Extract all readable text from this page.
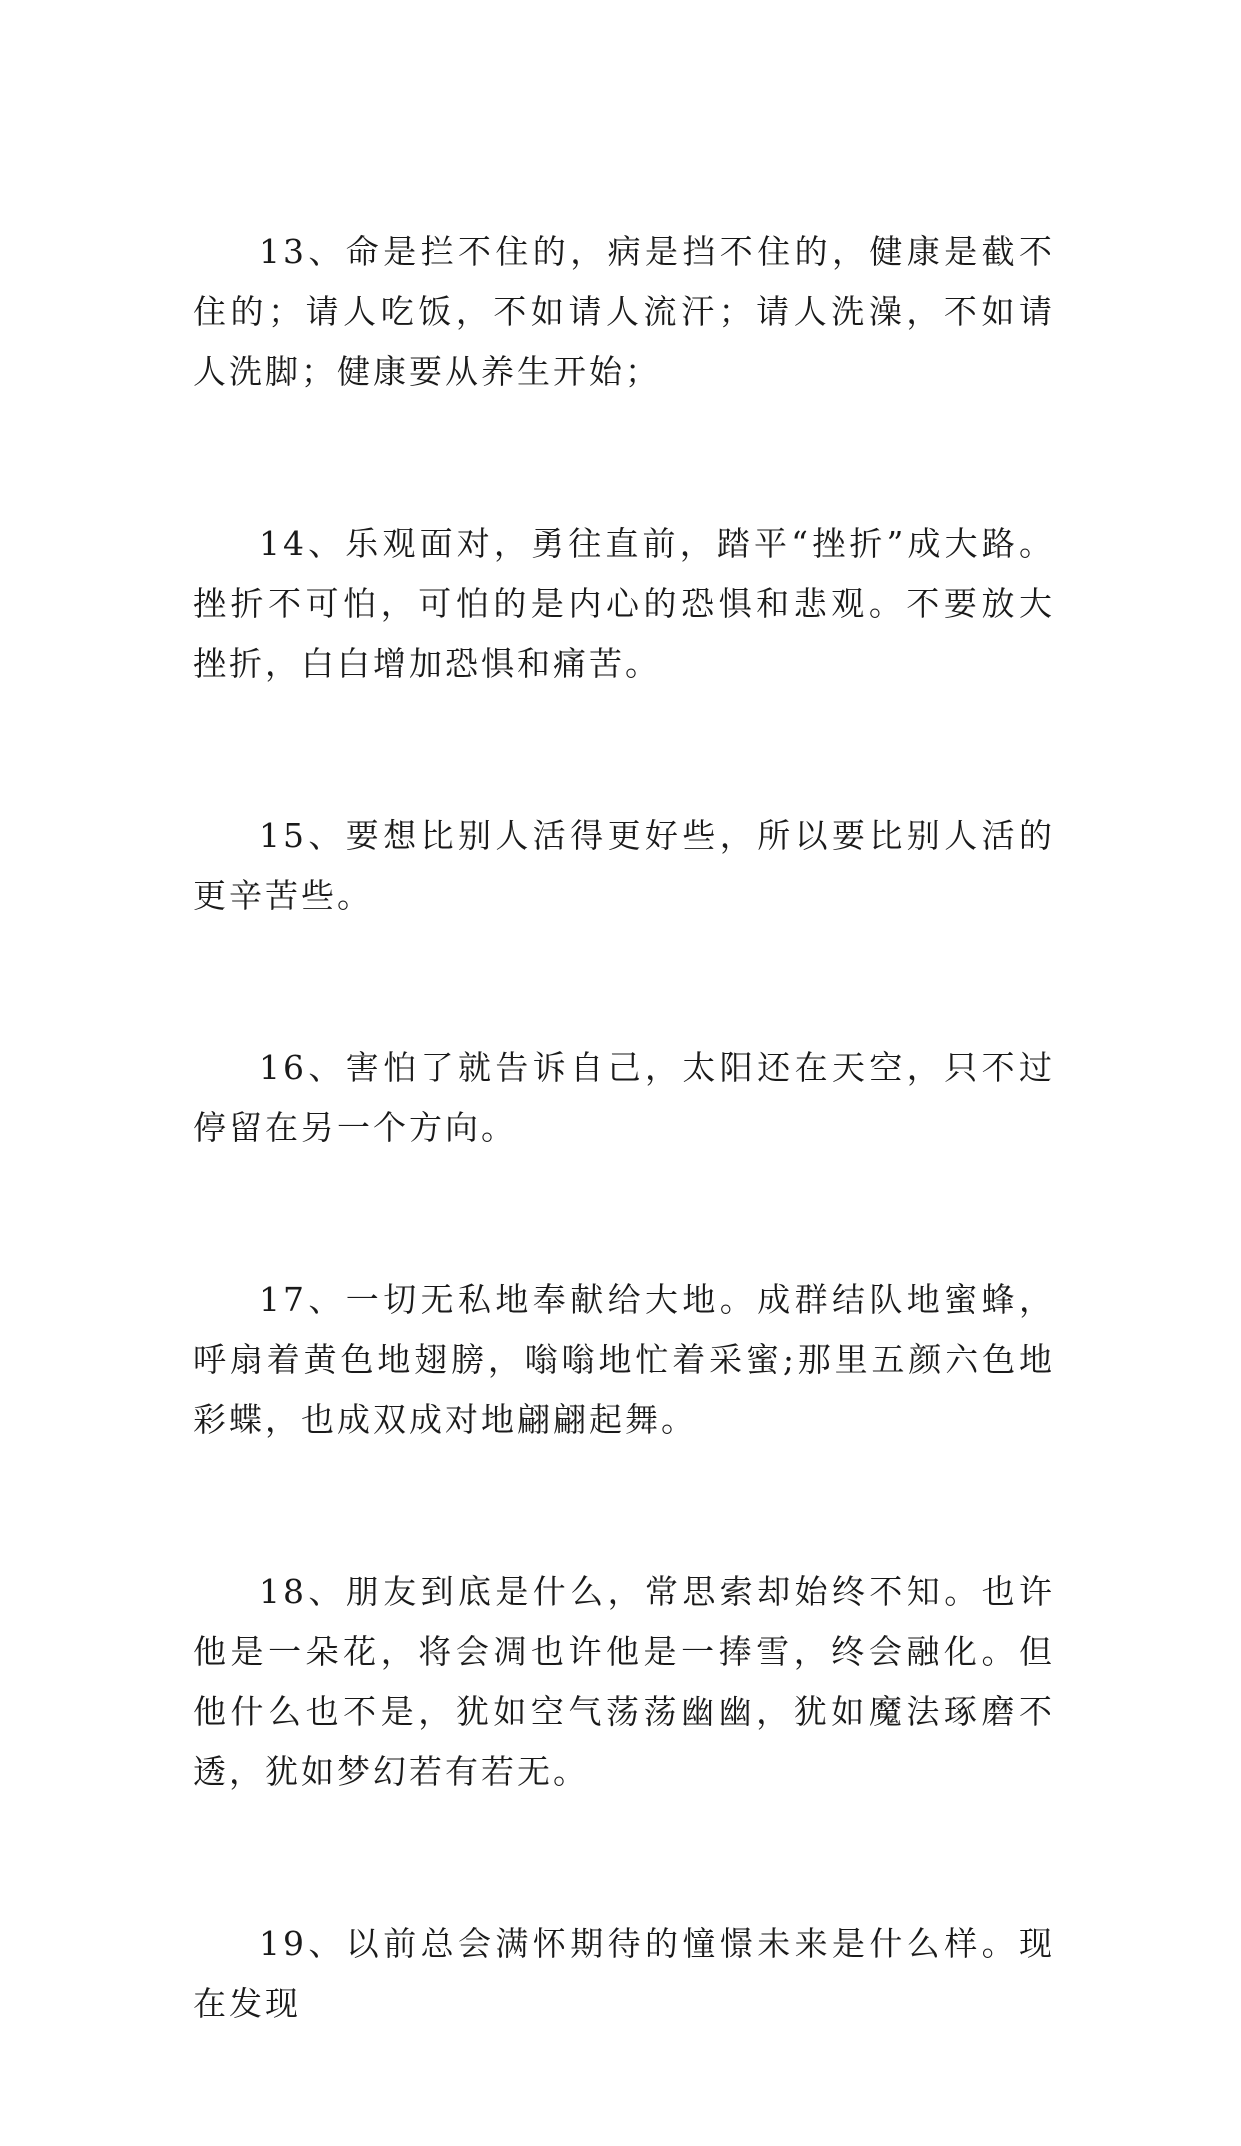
13、命是拦不住的，病是挡不住的，健康是截不住的；请人吃饭，不如请人流汗；请人洗澡，不如请人洗脚；健康要从养生开始；

14、乐观面对，勇往直前，踏平“挫折”成大路。挫折不可怕，可怕的是内心的恐惧和悲观。不要放大挫折，白白增加恐惧和痛苦。

15、要想比别人活得更好些，所以要比别人活的更辛苦些。

16、害怕了就告诉自己，太阳还在天空，只不过停留在另一个方向。

17、一切无私地奉献给大地。成群结队地蜜蜂，呼扇着黄色地翅膀，嗡嗡地忙着采蜜;那里五颜六色地彩蝶，也成双成对地翩翩起舞。

18、朋友到底是什么，常思索却始终不知。也许他是一朵花，将会凋也许他是一捧雪，终会融化。但他什么也不是，犹如空气荡荡幽幽，犹如魔法琢磨不透，犹如梦幻若有若无。

19、以前总会满怀期待的憧憬未来是什么样。现在发现
